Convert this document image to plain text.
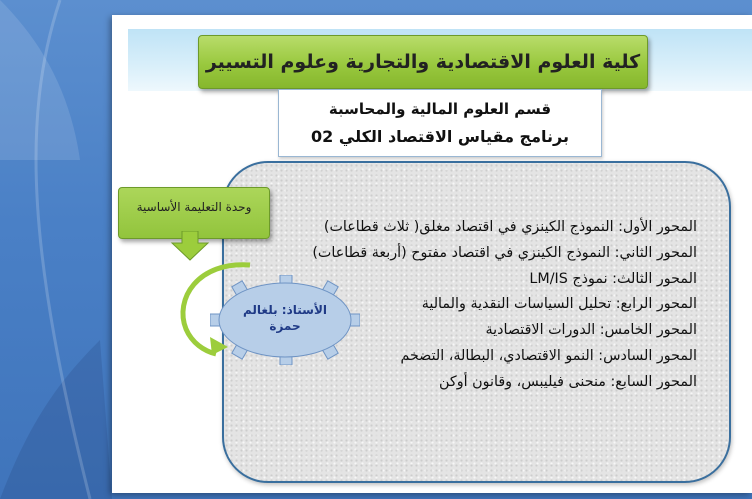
كلية العلوم الاقتصادية والتجارية وعلوم التسيير
قسم العلوم المالية والمحاسبة
برنامج مقياس الاقتصاد الكلي 02
المحور الأول: النموذج الكينزي في اقتصاد مغلق( ثلاث قطاعات)
المحور الثاني: النموذج الكينزي في اقتصاد مفتوح (أربعة قطاعات)
المحور الثالث: نموذج LM/IS
المحور الرابع: تحليل السياسات النقدية والمالية
المحور الخامس: الدورات الاقتصادية
المحور السادس: النمو الاقتصادي، البطالة، التضخم
المحور السابع: منحنى فيليبس، وقانون أوكن
وحدة التعليمة الأساسية
الأستاذ: بلغالم
حمزة
